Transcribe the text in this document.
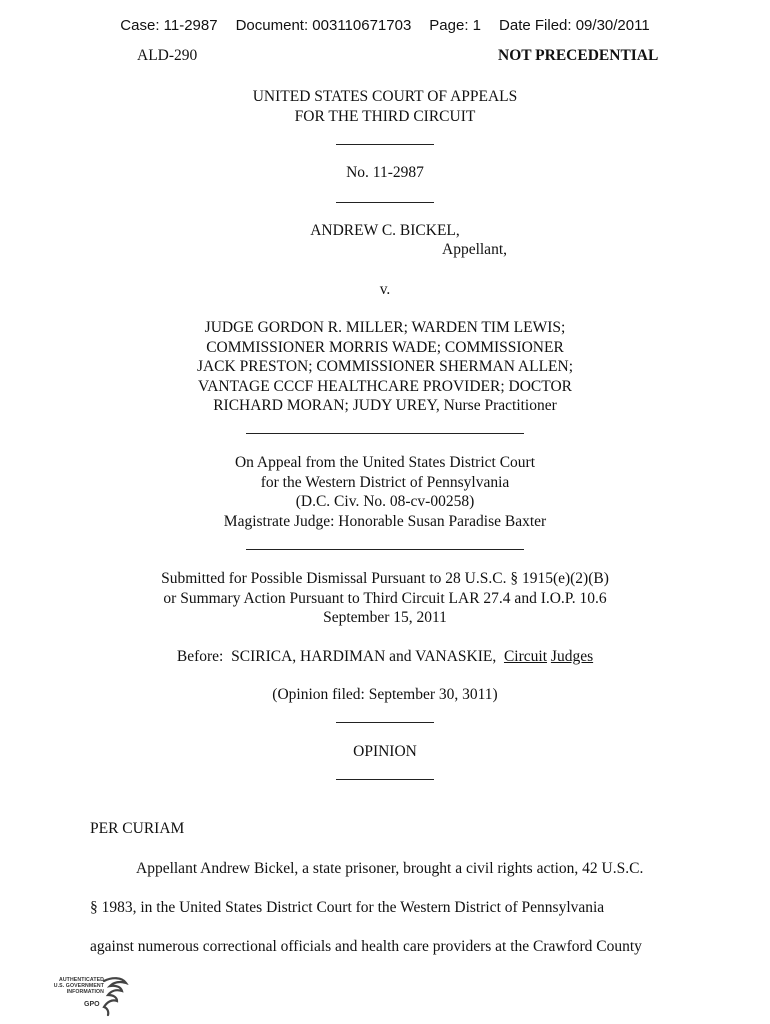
Case: 11-2987 Document: 003110671703 Page: 1 Date Filed: 09/30/2011
ALD-290	NOT PRECEDENTIAL
UNITED STATES COURT OF APPEALS
FOR THE THIRD CIRCUIT
No. 11-2987
ANDREW C. BICKEL,
Appellant,
v.
JUDGE GORDON R. MILLER; WARDEN TIM LEWIS;
COMMISSIONER MORRIS WADE; COMMISSIONER
JACK PRESTON; COMMISSIONER SHERMAN ALLEN;
VANTAGE CCCF HEALTHCARE PROVIDER; DOCTOR
RICHARD MORAN; JUDY UREY, Nurse Practitioner
On Appeal from the United States District Court
for the Western District of Pennsylvania
(D.C. Civ. No. 08-cv-00258)
Magistrate Judge: Honorable Susan Paradise Baxter
Submitted for Possible Dismissal Pursuant to 28 U.S.C. § 1915(e)(2)(B)
or Summary Action Pursuant to Third Circuit LAR 27.4 and I.O.P. 10.6
September 15, 2011
Before:  SCIRICA, HARDIMAN and VANASKIE,  Circuit Judges
(Opinion filed: September 30, 3011)
OPINION
PER CURIAM
Appellant Andrew Bickel, a state prisoner, brought a civil rights action, 42 U.S.C.
§ 1983, in the United States District Court for the Western District of Pennsylvania
against numerous correctional officials and health care providers at the Crawford County
AUTHENTICATED
U.S. GOVERNMENT
INFORMATION
GPO
